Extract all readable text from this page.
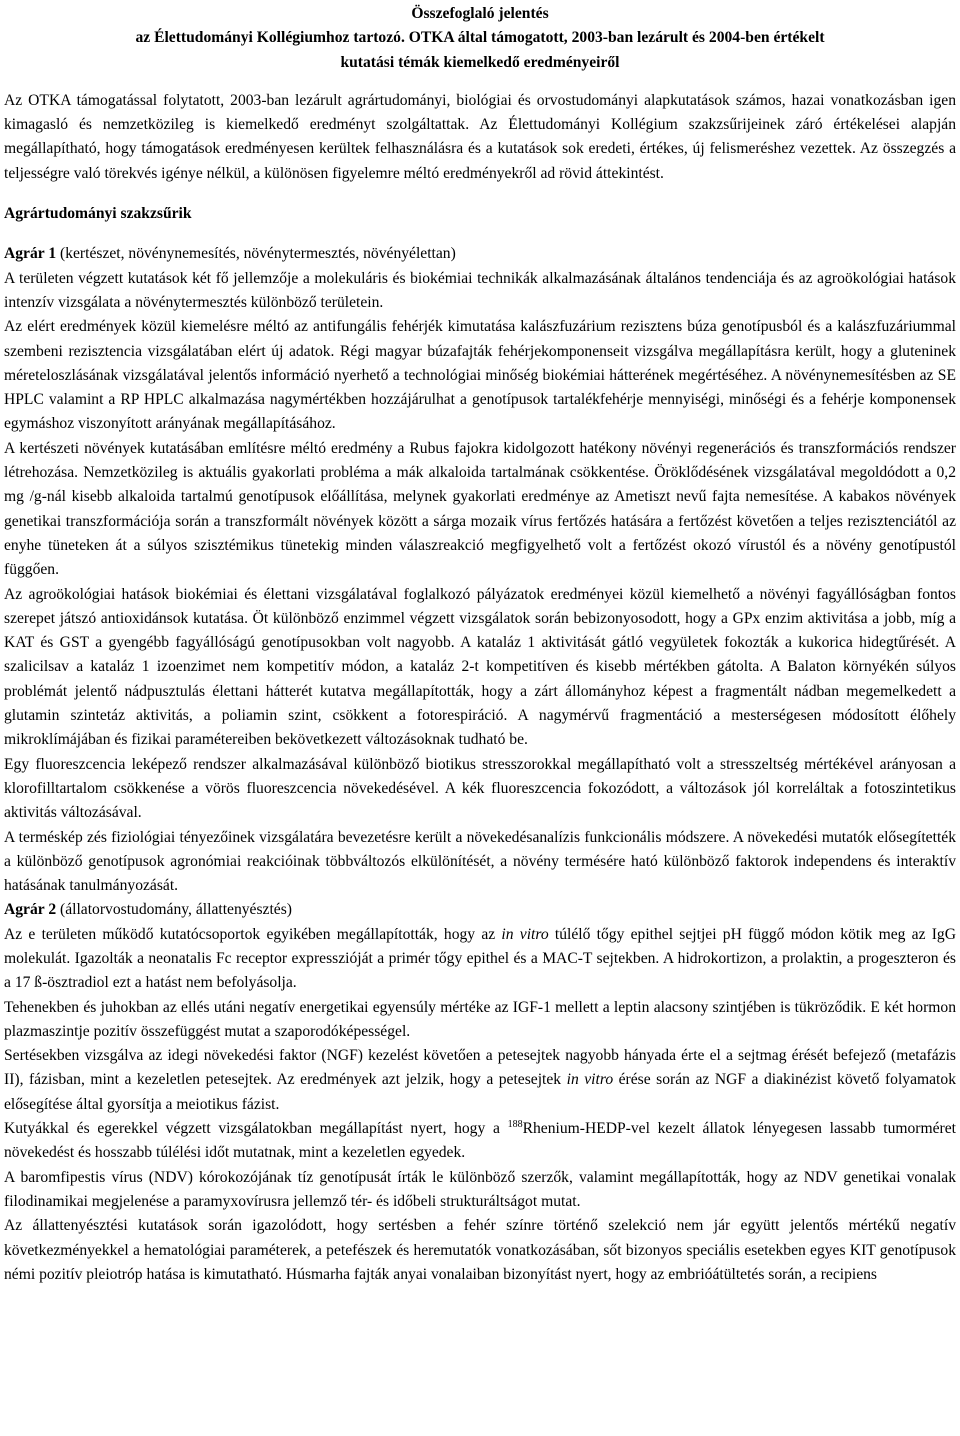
Összefoglaló jelentés
az Élettudományi Kollégiumhoz tartozó. OTKA által támogatott, 2003-ban lezárult és 2004-ben értékelt
kutatási témák kiemelkedő eredményeiről

Az OTKA támogatással folytatott, 2003-ban lezárult agrártudományi, biológiai és orvostudományi alapkutatások számos, hazai vonatkozásban igen kimagasló és nemzetközileg is kiemelkedő eredményt szolgáltattak. Az Élettudományi Kollégium szakzsűrijeinek záró értékelései alapján megállapítható, hogy támogatások eredményesen kerültek felhasználásra és a kutatások sok eredeti, értékes, új felismeréshez vezettek. Az összegzés a teljességre való törekvés igénye nélkül, a különösen figyelemre méltó eredményekről ad rövid áttekintést.

Agrártudományi szakzsűrik

Agrár 1 (kertészet, növénynemesítés, növénytermesztés, növényélettan)

A területen végzett kutatások két fő jellemzője a molekuláris és biokémiai technikák alkalmazásának általános tendenciája és az agroökológiai hatások intenzív vizsgálata a növénytermesztés különböző területein.

Az elért eredmények közül kiemelésre méltó az antifungális fehérjék kimutatása kalászfuzárium rezisztens búza genotípusból és a kalászfuzáriummal szembeni rezisztencia vizsgálatában elért új adatok. Régi magyar búzafajták fehérjekomponenseit vizsgálva megállapításra került, hogy a gluteninek méreteloszlásának vizsgálatával jelentős információ nyerhető a technológiai minőség biokémiai hátterének megértéséhez. A növénynemesítésben az SE HPLC valamint a RP HPLC alkalmazása nagymértékben hozzájárulhat a genotípusok tartalékfehérje mennyiségi, minőségi és a fehérje komponensek egymáshoz viszonyított arányának megállapításához.

A kertészeti növények kutatásában említésre méltó eredmény a Rubus fajokra kidolgozott hatékony növényi regenerációs és transzformációs rendszer létrehozása. Nemzetközileg is aktuális gyakorlati probléma a mák alkaloida tartalmának csökkentése. Öröklődésének vizsgálatával megoldódott a 0,2 mg /g-nál kisebb alkaloida tartalmú genotípusok előállítása, melynek gyakorlati eredménye az Ametiszt nevű fajta nemesítése. A kabakos növények genetikai transzformációja során a transzformált növények között a sárga mozaik vírus fertőzés hatására a fertőzést követően a teljes rezisztenciától az enyhe tüneteken át a súlyos szisztémikus tünetekig minden válaszreakció megfigyelhető volt a fertőzést okozó vírustól és a növény genotípustól függően.

Az agroökológiai hatások biokémiai és élettani vizsgálatával foglalkozó pályázatok eredményei közül kiemelhető a növényi fagyállóságban fontos szerepet játszó antioxidánsok kutatása. Öt különböző enzimmel végzett vizsgálatok során bebizonyosodott, hogy a GPx enzim aktivitása a jobb, míg a KAT és GST a gyengébb fagyállóságú genotípusokban volt nagyobb. A kataláz 1 aktivitását gátló vegyületek fokozták a kukorica hidegtűrését. A szalicilsav a kataláz 1 izoenzimet nem kompetitív módon, a kataláz 2-t kompetitíven és kisebb mértékben gátolta. A Balaton környékén súlyos problémát jelentő nádpusztulás élettani hátterét kutatva megállapították, hogy a zárt állományhoz képest a fragmentált nádban megemelkedett a glutamin szintetáz aktivitás, a poliamin szint, csökkent a fotorespiráció. A nagymérvű fragmentáció a mesterségesen módosított élőhely mikroklímájában és fizikai paramétereiben bekövetkezett változásoknak tudható be.

Egy fluoreszcencia leképező rendszer alkalmazásával különböző biotikus stresszorokkal megállapítható volt a stresszeltség mértékével arányosan a klorofilltartalom csökkenése a vörös fluoreszcencia növekedésével. A kék fluoreszcencia fokozódott, a változások jól korreláltak a fotoszintetikus aktivitás változásával.

A terméskép zés fiziológiai tényezőinek vizsgálatára bevezetésre került a növekedésanalízis funkcionális módszere. A növekedési mutatók elősegítették a különböző genotípusok agronómiai reakcióinak többváltozós elkülönítését, a növény termésére ható különböző faktorok independens és interaktív hatásának tanulmányozását.

Agrár 2 (állatorvostudomány, állattenyésztés)

Az e területen működő kutatócsoportok egyikében megállapították, hogy az in vitro túlélő tőgy epithel sejtjei pH függő módon kötik meg az IgG molekulát. Igazolták a neonatalis Fc receptor expresszióját a primér tőgy epithel és a MAC-T sejtekben. A hidrokortizon, a prolaktin, a progeszteron és a 17 ß-ösztradiol ezt a hatást nem befolyásolja.

Tehenekben és juhokban az ellés utáni negatív energetikai egyensúly mértéke az IGF-1 mellett a leptin alacsony szintjében is tükröződik. E két hormon plazmaszintje pozitív összefüggést mutat a szaporodóképességel.

Sertésekben vizsgálva az idegi növekedési faktor (NGF) kezelést követően a petesejtek nagyobb hányada érte el a sejtmag érését befejező (metafázis II), fázisban, mint a kezeletlen petesejtek. Az eredmények azt jelzik, hogy a petesejtek in vitro érése során az NGF a diakinézist követő folyamatok elősegítése által gyorsítja a meiotikus fázist.

Kutyákkal és egerekkel végzett vizsgálatokban megállapítást nyert, hogy a $^{188}$Rhenium-HEDP-vel kezelt állatok lényegesen lassabb tumorméret növekedést és hosszabb túlélési időt mutatnak, mint a kezeletlen egyedek.

A baromfipestis vírus (NDV) kórokozójának tíz genotípusát írták le különböző szerzők, valamint megállapították, hogy az NDV genetikai vonalak filodinamikai megjelenése a paramyxovírusra jellemző tér- és időbeli strukturáltságot mutat.

Az állattenyésztési kutatások során igazolódott, hogy sertésben a fehér színre történő szelekció nem jár együtt jelentős mértékű negatív következményekkel a hematológiai paraméterek, a petefészek és heremutatók vonatkozásában, sőt bizonyos speciális esetekben egyes KIT genotípusok némi pozitív pleiotróp hatása is kimutatható. Húsmarha fajták anyai vonalaiban bizonyítást nyert, hogy az embrióátültetés során, a recipiens
